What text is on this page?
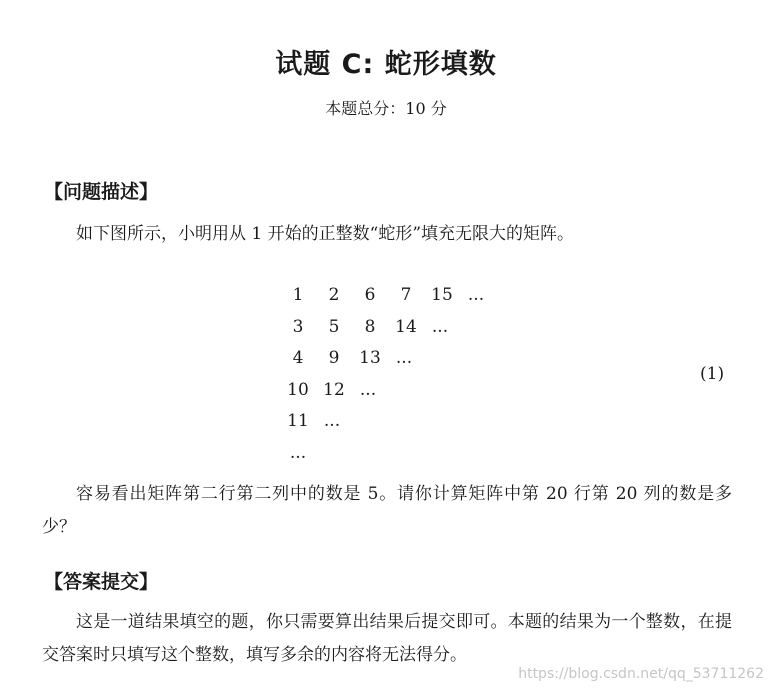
试题 C: 蛇形填数
本题总分：10 分
【问题描述】
如下图所示，小明用从 1 开始的正整数“蛇形”填充无限大的矩阵。
1	2	6	7	15 ...
3	5	8	14 ...
4	9	13 ...
10 12 ...
11 ...
...
(1)
容易看出矩阵第二行第二列中的数是 5。请你计算矩阵中第 20 行第 20 列的数是多少？
【答案提交】
这是一道结果填空的题，你只需要算出结果后提交即可。本题的结果为一个整数，在提交答案时只填写这个整数，填写多余的内容将无法得分。
https://blog.csdn.net/qq_53711262
